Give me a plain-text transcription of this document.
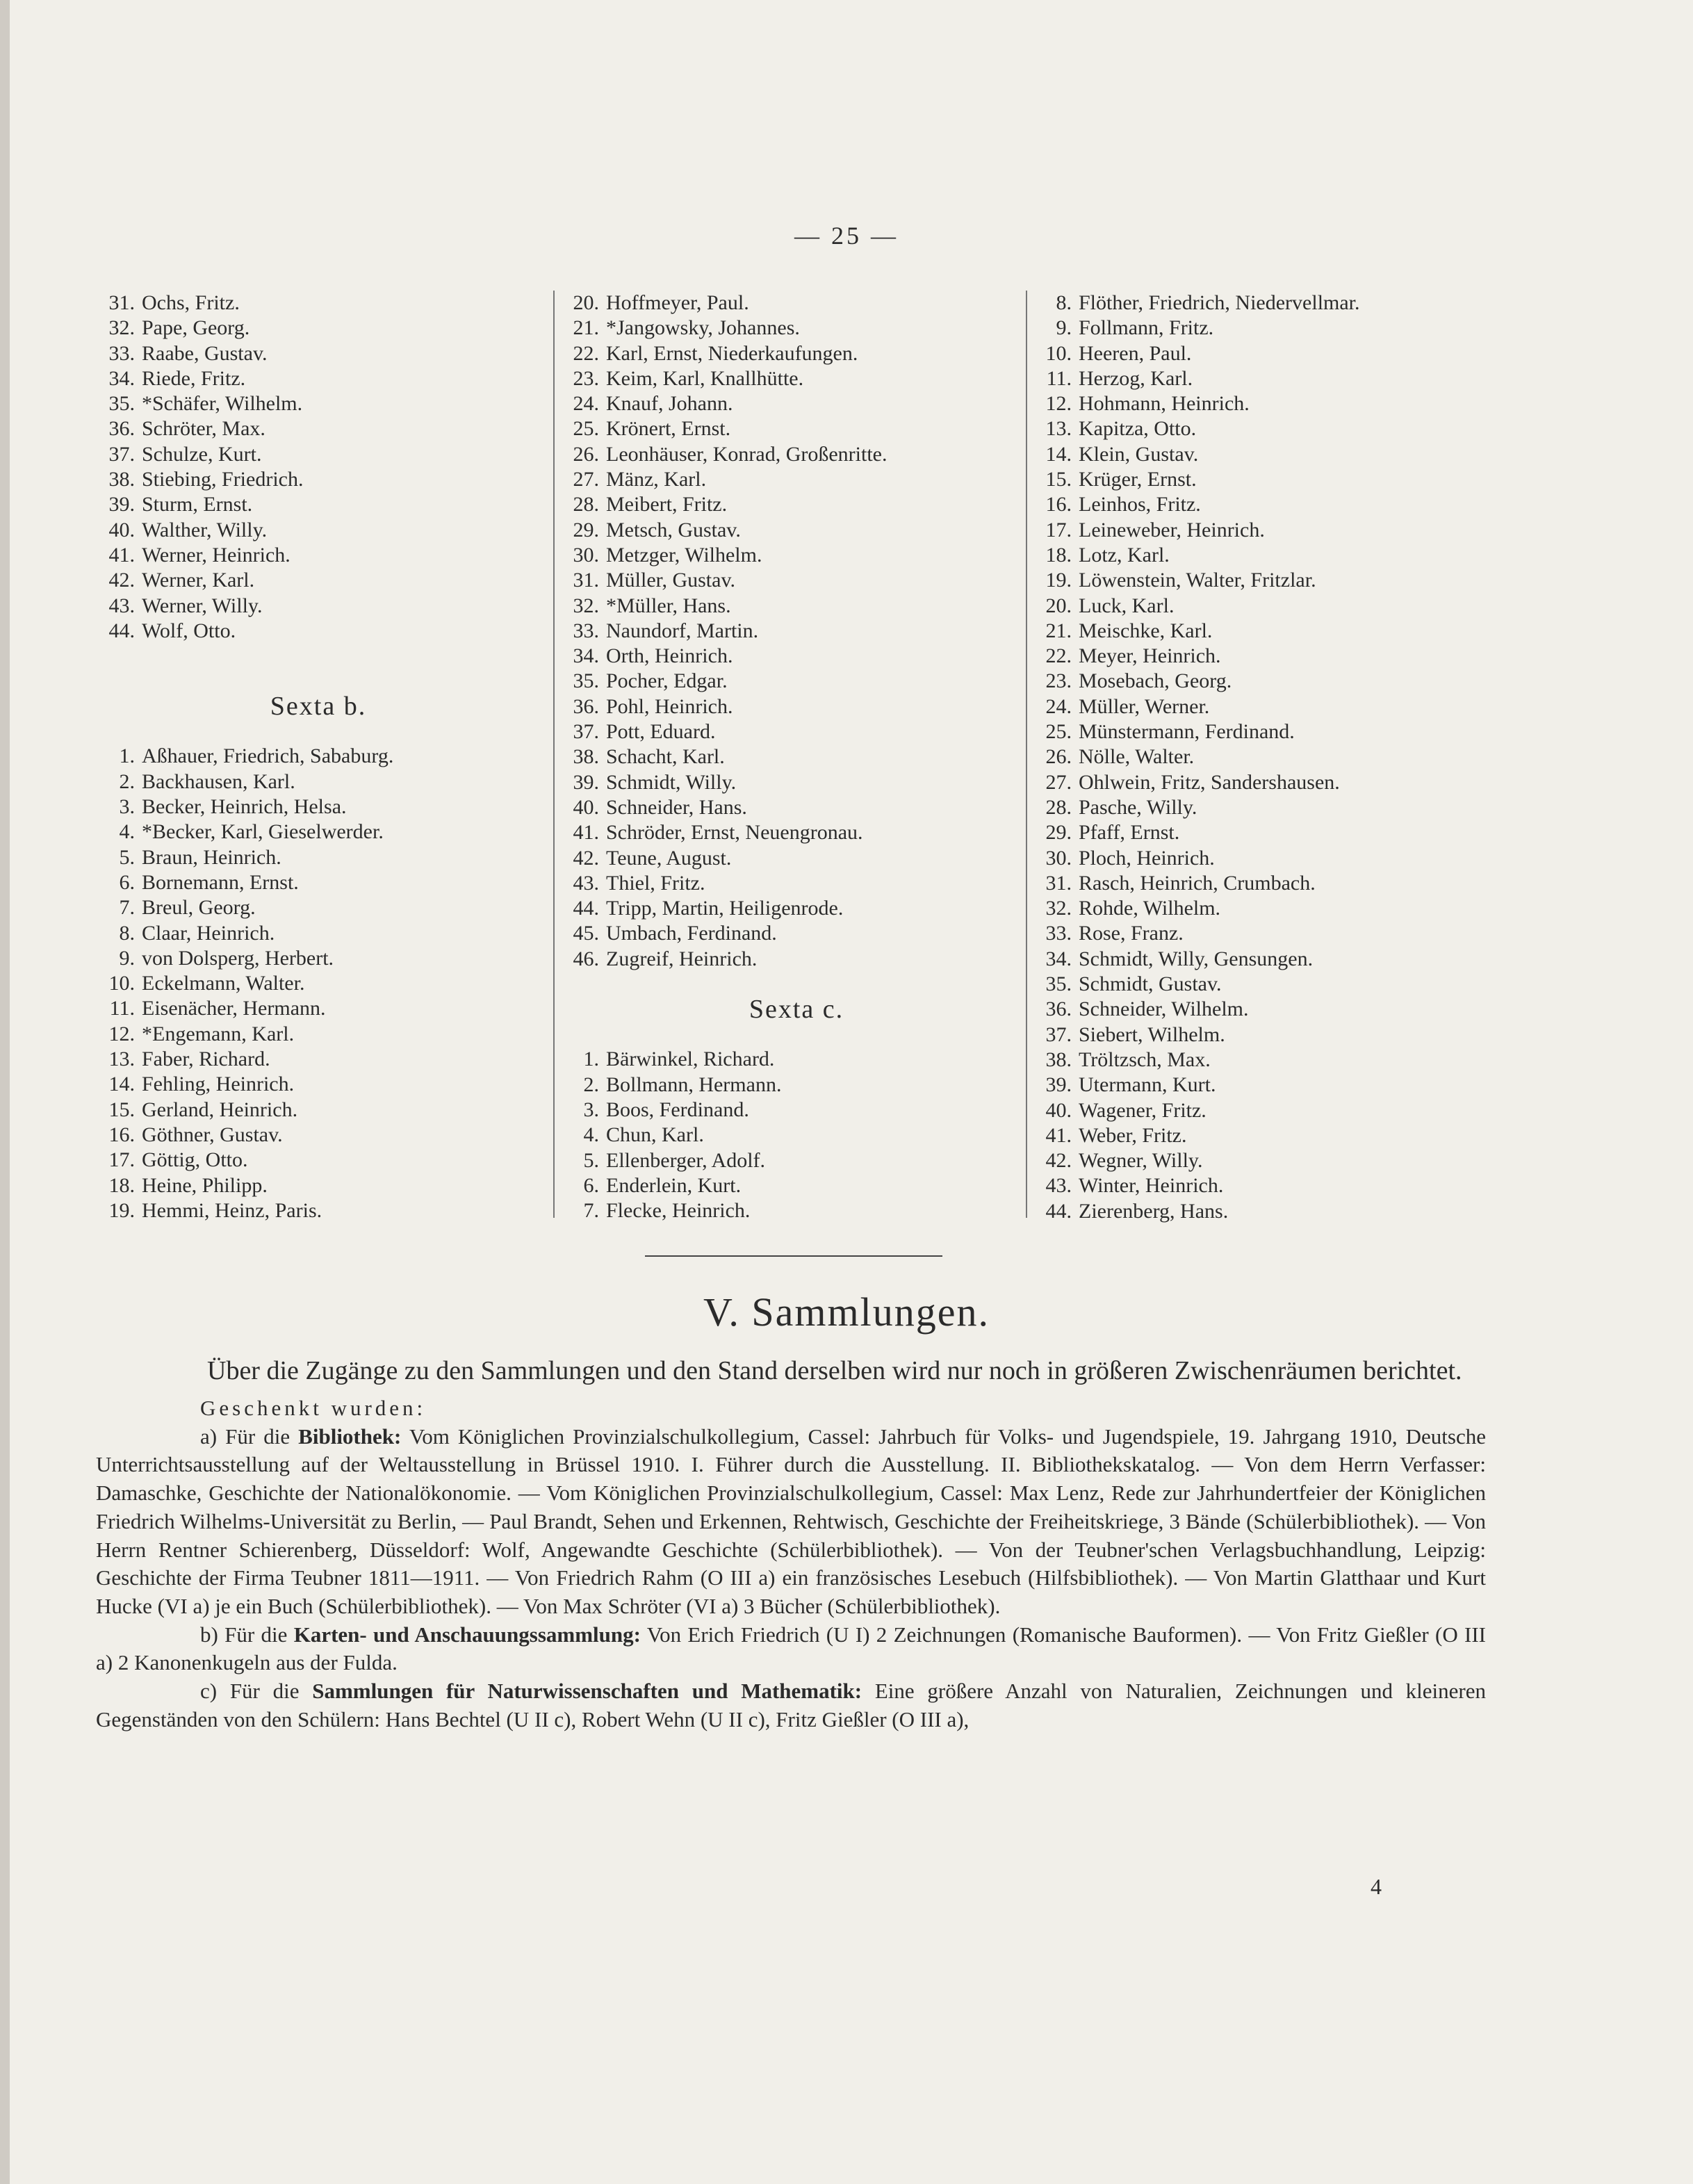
— 25 —
31. Ochs, Fritz.
32. Pape, Georg.
33. Raabe, Gustav.
34. Riede, Fritz.
35. *Schäfer, Wilhelm.
36. Schröter, Max.
37. Schulze, Kurt.
38. Stiebing, Friedrich.
39. Sturm, Ernst.
40. Walther, Willy.
41. Werner, Heinrich.
42. Werner, Karl.
43. Werner, Willy.
44. Wolf, Otto.
Sexta b.
1. Aßhauer, Friedrich, Sababurg.
2. Backhausen, Karl.
3. Becker, Heinrich, Helsa.
4. *Becker, Karl, Gieselwerder.
5. Braun, Heinrich.
6. Bornemann, Ernst.
7. Breul, Georg.
8. Claar, Heinrich.
9. von Dolsperg, Herbert.
10. Eckelmann, Walter.
11. Eisenächer, Hermann.
12. *Engemann, Karl.
13. Faber, Richard.
14. Fehling, Heinrich.
15. Gerland, Heinrich.
16. Göthner, Gustav.
17. Göttig, Otto.
18. Heine, Philipp.
19. Hemmi, Heinz, Paris.
20. Hoffmeyer, Paul.
21. *Jangowsky, Johannes.
22. Karl, Ernst, Niederkaufungen.
23. Keim, Karl, Knallhütte.
24. Knauf, Johann.
25. Krönert, Ernst.
26. Leonhäuser, Konrad, Großenritte.
27. Mänz, Karl.
28. Meibert, Fritz.
29. Metsch, Gustav.
30. Metzger, Wilhelm.
31. Müller, Gustav.
32. *Müller, Hans.
33. Naundorf, Martin.
34. Orth, Heinrich.
35. Pocher, Edgar.
36. Pohl, Heinrich.
37. Pott, Eduard.
38. Schacht, Karl.
39. Schmidt, Willy.
40. Schneider, Hans.
41. Schröder, Ernst, Neuengronau.
42. Teune, August.
43. Thiel, Fritz.
44. Tripp, Martin, Heiligenrode.
45. Umbach, Ferdinand.
46. Zugreif, Heinrich.
Sexta c.
1. Bärwinkel, Richard.
2. Bollmann, Hermann.
3. Boos, Ferdinand.
4. Chun, Karl.
5. Ellenberger, Adolf.
6. Enderlein, Kurt.
7. Flecke, Heinrich.
8. Flöther, Friedrich, Niedervellmar.
9. Follmann, Fritz.
10. Heeren, Paul.
11. Herzog, Karl.
12. Hohmann, Heinrich.
13. Kapitza, Otto.
14. Klein, Gustav.
15. Krüger, Ernst.
16. Leinhos, Fritz.
17. Leineweber, Heinrich.
18. Lotz, Karl.
19. Löwenstein, Walter, Fritzlar.
20. Luck, Karl.
21. Meischke, Karl.
22. Meyer, Heinrich.
23. Mosebach, Georg.
24. Müller, Werner.
25. Münstermann, Ferdinand.
26. Nölle, Walter.
27. Ohlwein, Fritz, Sandershausen.
28. Pasche, Willy.
29. Pfaff, Ernst.
30. Ploch, Heinrich.
31. Rasch, Heinrich, Crumbach.
32. Rohde, Wilhelm.
33. Rose, Franz.
34. Schmidt, Willy, Gensungen.
35. Schmidt, Gustav.
36. Schneider, Wilhelm.
37. Siebert, Wilhelm.
38. Tröltzsch, Max.
39. Utermann, Kurt.
40. Wagener, Fritz.
41. Weber, Fritz.
42. Wegner, Willy.
43. Winter, Heinrich.
44. Zierenberg, Hans.
V. Sammlungen.

Über die Zugänge zu den Sammlungen und den Stand derselben wird nur noch in größeren Zwischenräumen berichtet.

Geschenkt wurden:

a) Für die Bibliothek: Vom Königlichen Provinzialschulkollegium, Cassel: Jahrbuch für Volks- und Jugendspiele, 19. Jahrgang 1910, Deutsche Unterrichtsausstellung auf der Weltausstellung in Brüssel 1910. I. Führer durch die Ausstellung. II. Bibliothekskatalog. — Von dem Herrn Verfasser: Damaschke, Geschichte der Nationalökonomie. — Vom Königlichen Provinzialschulkollegium, Cassel: Max Lenz, Rede zur Jahrhundertfeier der Königlichen Friedrich Wilhelms-Universität zu Berlin, — Paul Brandt, Sehen und Erkennen, Rehtwisch, Geschichte der Freiheitskriege, 3 Bände (Schülerbibliothek). — Von Herrn Rentner Schierenberg, Düsseldorf: Wolf, Angewandte Geschichte (Schülerbibliothek). — Von der Teubner'schen Verlagsbuchhandlung, Leipzig: Geschichte der Firma Teubner 1811—1911. — Von Friedrich Rahm (O III a) ein französisches Lesebuch (Hilfsbibliothek). — Von Martin Glatthaar und Kurt Hucke (VI a) je ein Buch (Schülerbibliothek). — Von Max Schröter (VI a) 3 Bücher (Schülerbibliothek).

b) Für die Karten- und Anschauungssammlung: Von Erich Friedrich (U I) 2 Zeichnungen (Romanische Bauformen). — Von Fritz Gießler (O III a) 2 Kanonenkugeln aus der Fulda.

c) Für die Sammlungen für Naturwissenschaften und Mathematik: Eine größere Anzahl von Naturalien, Zeichnungen und kleineren Gegenständen von den Schülern: Hans Bechtel (U II c), Robert Wehn (U II c), Fritz Gießler (O III a),

4
